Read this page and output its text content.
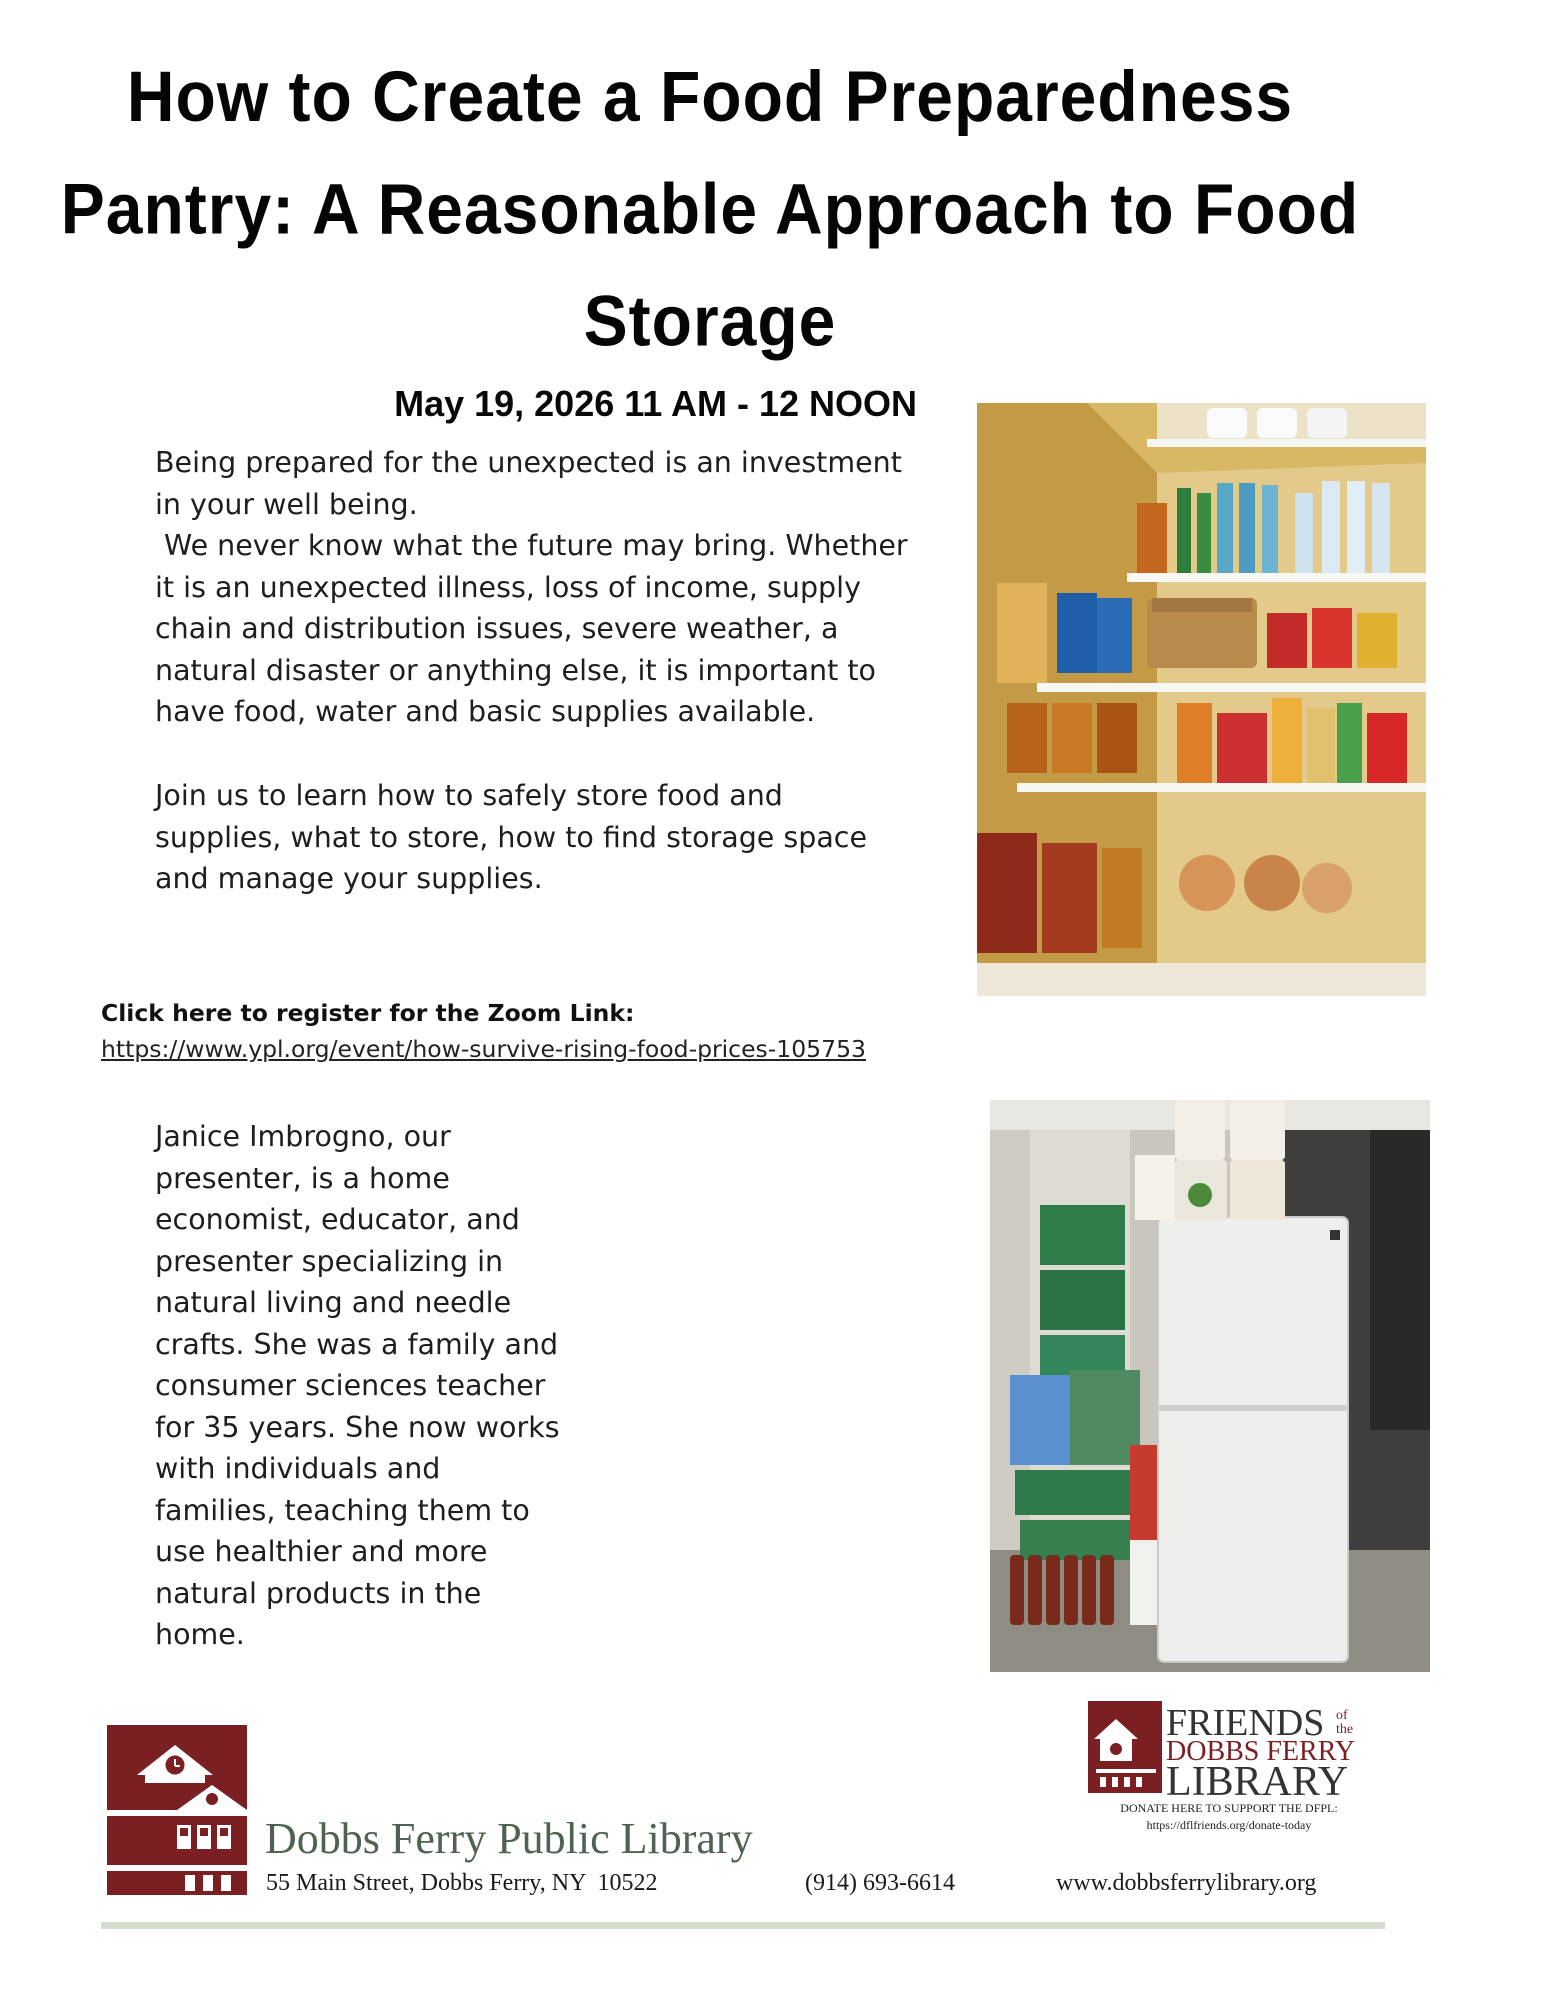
How to Create a Food Preparedness
Pantry: A Reasonable Approach to Food
Storage
May 19, 2026 11 AM - 12 NOON
Being prepared for the unexpected is an investment
in your well being.
We never know what the future may bring. Whether
it is an unexpected illness, loss of income, supply
chain and distribution issues, severe weather, a
natural disaster or anything else, it is important to
have food, water and basic supplies available.
Join us to learn how to safely store food and
supplies, what to store, how to find storage space
and manage your supplies.
Click here to register for the Zoom Link:
https://www.ypl.org/event/how-survive-rising-food-prices-105753
Janice Imbrogno, our
presenter, is a home
economist, educator, and
presenter specializing in
natural living and needle
crafts. She was a family and
consumer sciences teacher
for 35 years. She now works
with individuals and
families, teaching them to
use healthier and more
natural products in the
home.
FRIENDS of
the
DOBBS FERRY
LIBRARY
DONATE HERE TO SUPPORT THE DFPL:
https://dflfriends.org/donate-today
Dobbs Ferry Public Library
55 Main Street, Dobbs Ferry, NY  10522	(914) 693-6614	www.dobbsferrylibrary.org
